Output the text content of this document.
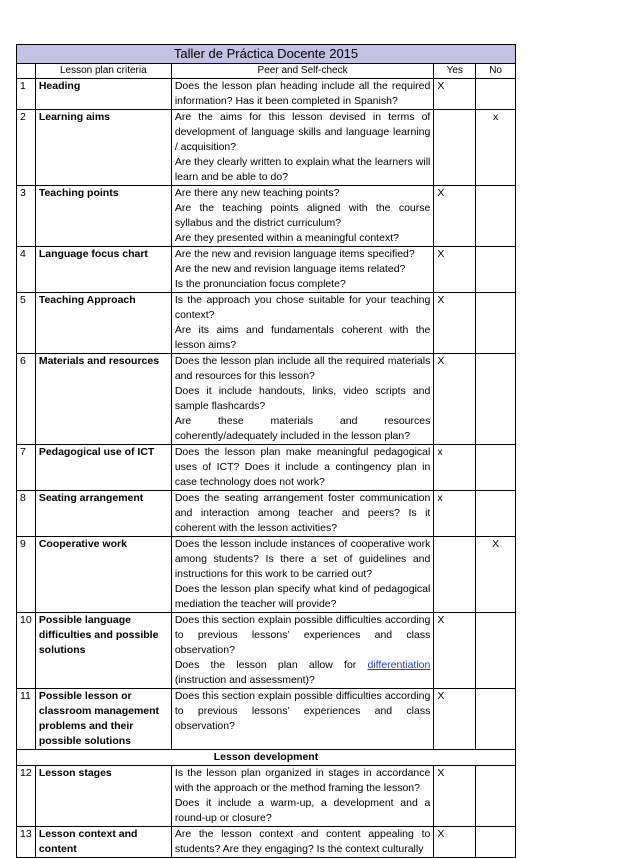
Taller de Práctica Docente 2015				
	Lesson plan criteria	Peer and Self-check	Yes	No
1	Heading	Does the lesson plan heading include all the required information? Has it been completed in Spanish?	X	
2	Learning aims	Are the aims for this lesson devised in terms of development of language skills and language learning / acquisition?

Are they clearly written to explain what the learners will learn and be able to do?		x
3	Teaching points	Are there any new teaching points?

Are the teaching points aligned with the course syllabus and the district curriculum?

Are they presented within a meaningful context?	X	
4	Language focus chart	Are the new and revision language items specified?

Are the new and revision language items related?

Is the pronunciation focus complete?	X	
5	Teaching Approach	Is the approach you chose suitable for your teaching context?

Are its aims and fundamentals coherent with the lesson aims?	X	
6	Materials and resources	Does the lesson plan include all the required materials and resources for this lesson?

Does it include handouts, links, video scripts and sample flashcards?

Are these materials and resources coherently/adequately included in the lesson plan?	X	
7	Pedagogical use of ICT	Does the lesson plan make meaningful pedagogical uses of ICT? Does it include a contingency plan in case technology does not work?	x	
8	Seating arrangement	Does the seating arrangement foster communication and interaction among teacher and peers? Is it coherent with the lesson activities?	x	
9	Cooperative work	Does the lesson include instances of cooperative work among students? Is there a set of guidelines and instructions for this work to be carried out?

Does the lesson plan specify what kind of pedagogical mediation the teacher will provide?		X
10	Possible language difficulties and possible solutions	Does this section explain possible difficulties according to previous lessons’ experiences and class observation?

Does the lesson plan allow for differentiation (instruction and assessment)?	X	
11	Possible lesson or classroom management problems and their possible solutions	Does this section explain possible difficulties according to previous lessons’ experiences and class observation?	X	
Lesson development				
12	Lesson stages	Is the lesson plan organized in stages in accordance with the approach or the method framing the lesson?

Does it include a warm-up, a development and a round-up or closure?	X	
13	Lesson context and content	Are the lesson context and content appealing to students? Are they engaging? Is the context culturally	X	
